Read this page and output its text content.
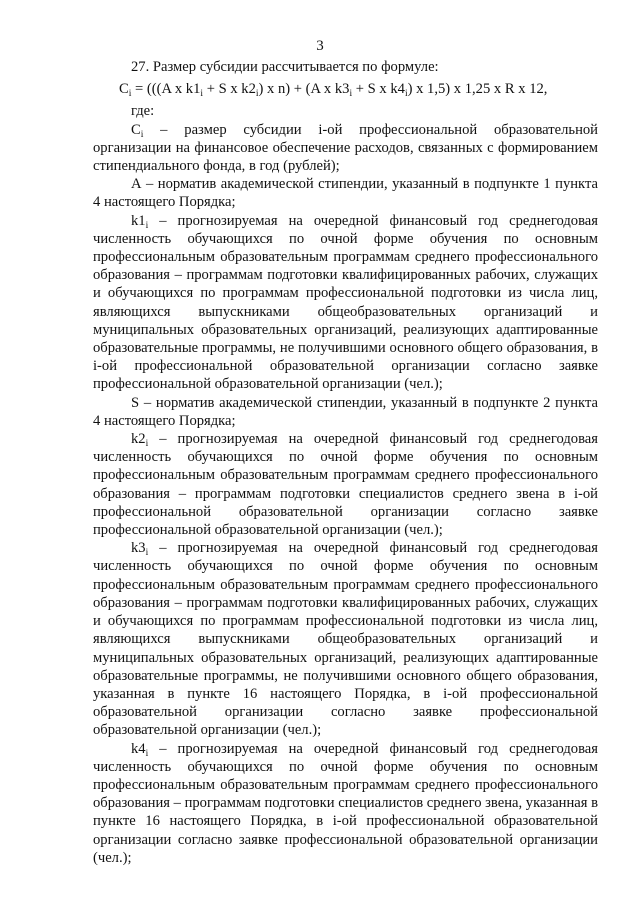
3

27. Размер субсидии рассчитывается по формуле:

$C_i = (((A$ x $k1_i + S$ x $k2_i$) x n) + (A x $k3_i + S$ x $k4_i$) x 1,5) x 1,25 x R x 12,

где:

$C_i$ – размер субсидии i-ой профессиональной образовательной организации на финансовое обеспечение расходов, связанных с формированием стипендиального фонда, в год (рублей);

А – норматив академической стипендии, указанный в подпункте 1 пункта 4 настоящего Порядка;

$k1_i$ – прогнозируемая на очередной финансовый год среднегодовая численность обучающихся по очной форме обучения по основным профессиональным образовательным программам среднего профессионального образования – программам подготовки квалифицированных рабочих, служащих и обучающихся по программам профессиональной подготовки из числа лиц, являющихся выпускниками общеобразовательных организаций и муниципальных образовательных организаций, реализующих адаптированные образовательные программы, не получившими основного общего образования, в i-ой профессиональной образовательной организации согласно заявке профессиональной образовательной организации (чел.);

S – норматив академической стипендии, указанный в подпункте 2 пункта 4 настоящего Порядка;

$k2_i$ – прогнозируемая на очередной финансовый год среднегодовая численность обучающихся по очной форме обучения по основным профессиональным образовательным программам среднего профессионального образования – программам подготовки специалистов среднего звена в i-ой профессиональной образовательной организации согласно заявке профессиональной образовательной организации (чел.);

$k3_i$ – прогнозируемая на очередной финансовый год среднегодовая численность обучающихся по очной форме обучения по основным профессиональным образовательным программам среднего профессионального образования – программам подготовки квалифицированных рабочих, служащих и обучающихся по программам профессиональной подготовки из числа лиц, являющихся выпускниками общеобразовательных организаций и муниципальных образовательных организаций, реализующих адаптированные образовательные программы, не получившими основного общего образования, указанная в пункте 16 настоящего Порядка, в i-ой профессиональной образовательной организации согласно заявке профессиональной образовательной организации (чел.);

$k4_i$ – прогнозируемая на очередной финансовый год среднегодовая численность обучающихся по очной форме обучения по основным профессиональным образовательным программам среднего профессионального образования – программам подготовки специалистов среднего звена, указанная в пункте 16 настоящего Порядка, в i-ой профессиональной образовательной организации согласно заявке профессиональной образовательной организации (чел.);
